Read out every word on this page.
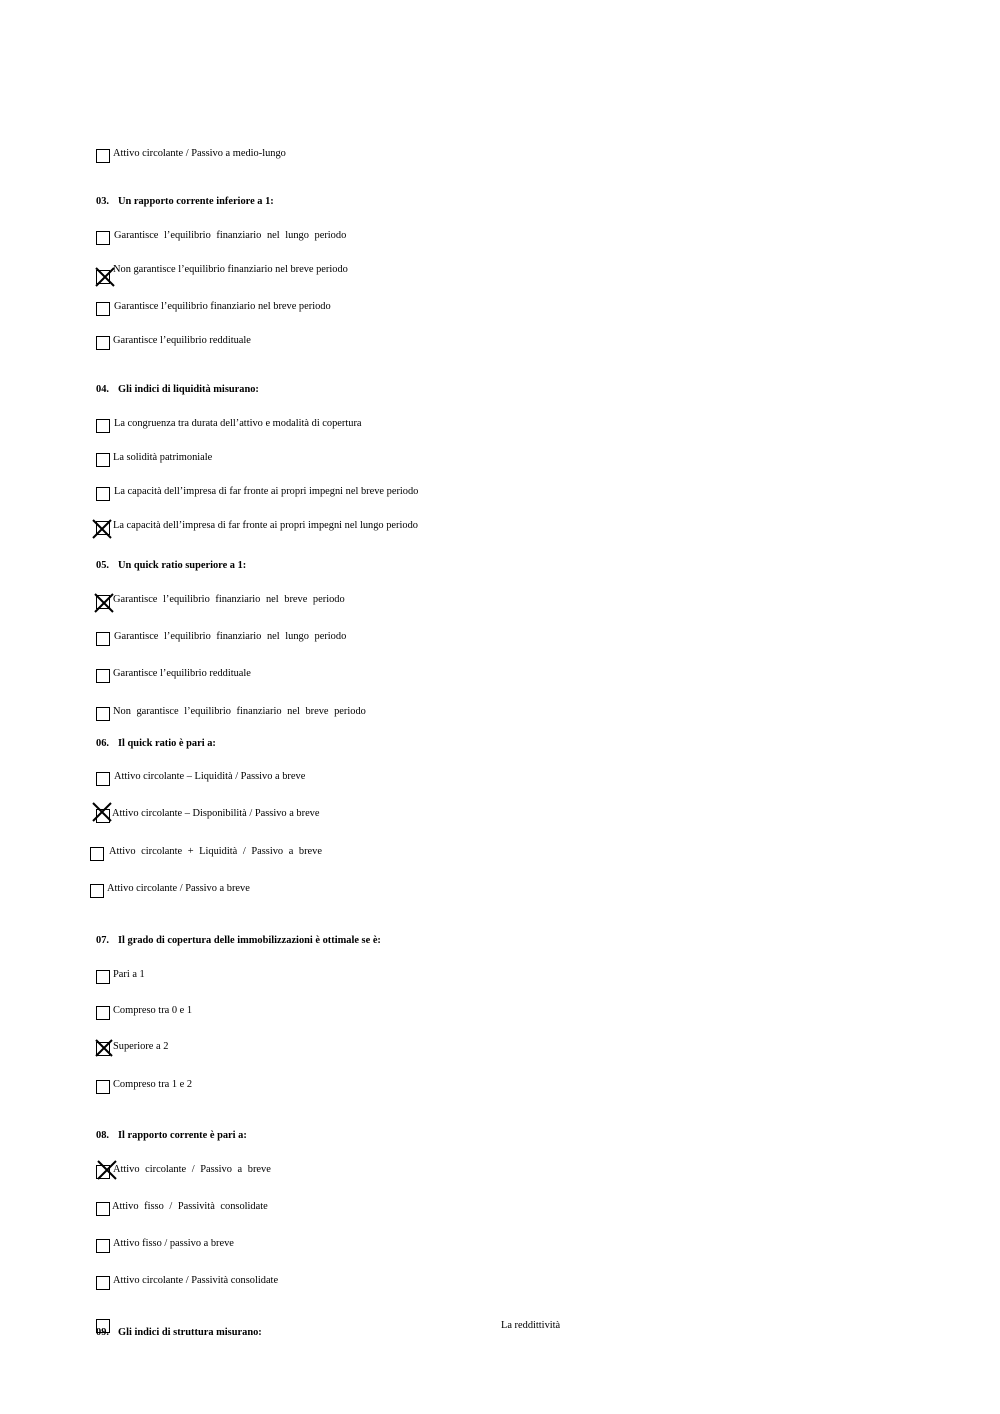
Attivo circolante / Passivo a medio-lungo
03. Un rapporto corrente inferiore a 1:
Garantisce l’equilibrio finanziario nel lungo periodo
Non garantisce l’equilibrio finanziario nel breve periodo
Garantisce l’equilibrio finanziario nel breve periodo
Garantisce l’equilibrio reddituale
04. Gli indici di liquidità misurano:
La congruenza tra durata dell’attivo e modalità di copertura
La solidità patrimoniale
La capacità dell’impresa di far fronte ai propri impegni nel breve periodo
La capacità dell’impresa di far fronte ai propri impegni nel lungo periodo
05. Un quick ratio superiore a 1:
Garantisce l’equilibrio finanziario nel breve periodo
Garantisce l’equilibrio finanziario nel lungo periodo
Garantisce l’equilibrio reddituale
Non garantisce l’equilibrio finanziario nel breve periodo
06. Il quick ratio è pari a:
Attivo circolante – Liquidità / Passivo a breve
Attivo circolante – Disponibilità / Passivo a breve
Attivo circolante + Liquidità / Passivo a breve
Attivo circolante / Passivo a breve
07. Il grado di copertura delle immobilizzazioni è ottimale se è:
Pari a 1
Compreso tra 0 e 1
Superiore a 2
Compreso tra 1 e 2
08. Il rapporto corrente è pari a:
Attivo circolante / Passivo a breve
Attivo fisso / Passività consolidate
Attivo fisso / passivo a breve
Attivo circolante / Passività consolidate
09. Gli indici di struttura misurano:
La reddittività
